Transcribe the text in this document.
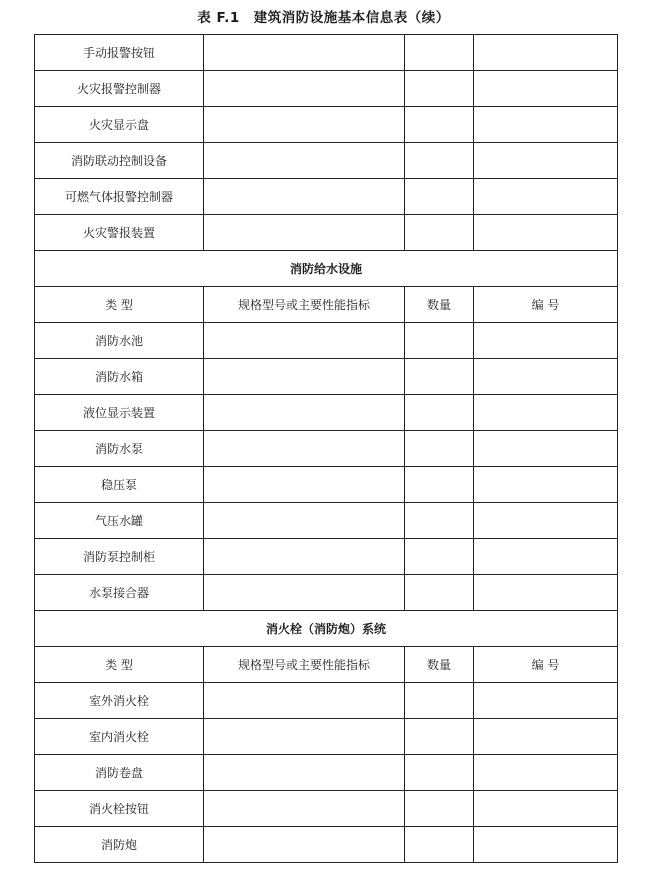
表 F.1 建筑消防设施基本信息表（续）
手动报警按钮			
火灾报警控制器			
火灾显示盘			
消防联动控制设备			
可燃气体报警控制器			
火灾警报装置			
消防给水设施			
类 型	规格型号或主要性能指标	数量	编 号
消防水池			
消防水箱			
液位显示装置			
消防水泵			
稳压泵			
气压水罐			
消防泵控制柜			
水泵接合器			
消火栓（消防炮）系统			
类 型	规格型号或主要性能指标	数量	编 号
室外消火栓			
室内消火栓			
消防卷盘			
消火栓按钮			
消防炮			
